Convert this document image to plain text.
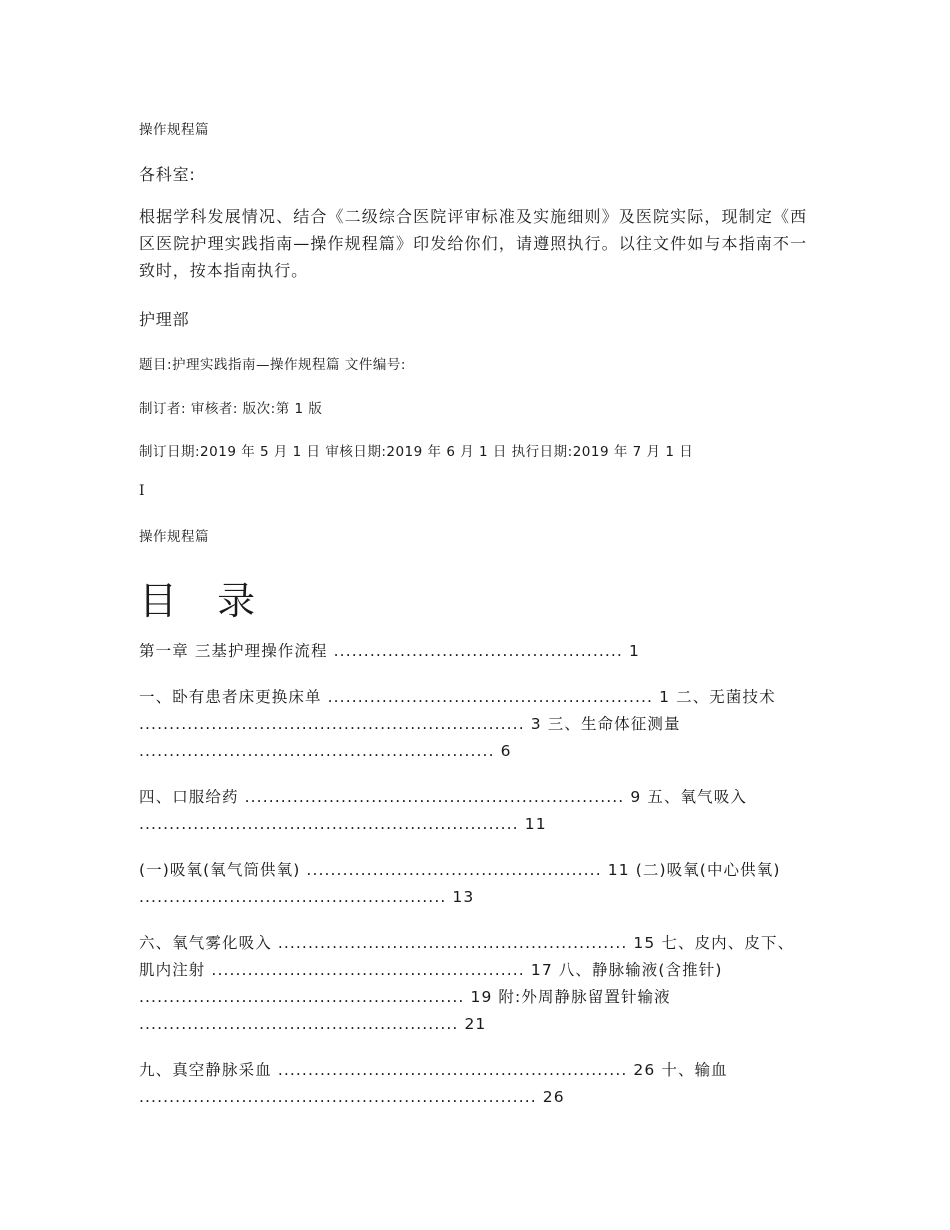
操作规程篇
各科室:
根据学科发展情况、结合《二级综合医院评审标准及实施细则》及医院实际，现制定《西区医院护理实践指南—操作规程篇》印发给你们，请遵照执行。以往文件如与本指南不一致时，按本指南执行。
护理部
题目:护理实践指南—操作规程篇 文件编号:
制订者: 审核者: 版次:第 1 版
制订日期:2019 年 5 月 1 日 审核日期:2019 年 6 月 1 日 执行日期:2019 年 7 月 1 日
I
操作规程篇
目 录
第一章 三基护理操作流程 ................................................ 1
一、卧有患者床更换床单 ...................................................... 1 二、无菌技术 ................................................................ 3 三、生命体征测量 ........................................................... 6
四、口服给药 ............................................................... 9 五、氧气吸入 ............................................................... 11
(一)吸氧(氧气筒供氧) ................................................. 11 (二)吸氧(中心供氧) ................................................... 13
六、氧气雾化吸入 .......................................................... 15 七、皮内、皮下、肌内注射 .................................................... 17 八、静脉输液(含推针) ...................................................... 19 附:外周静脉留置针输液 ..................................................... 21
九、真空静脉采血 .......................................................... 26 十、输血 .................................................................. 26
